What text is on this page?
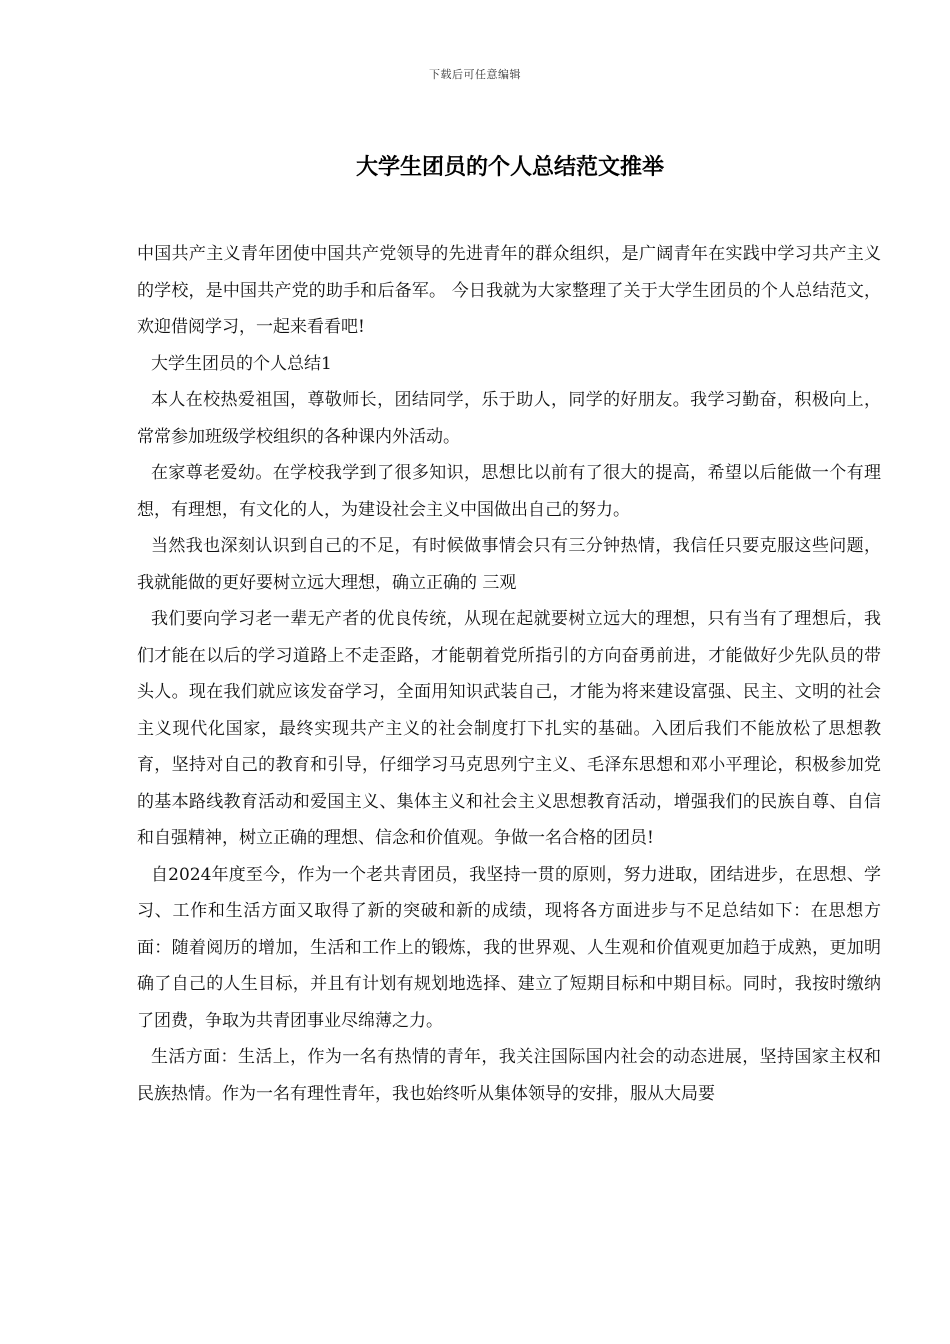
下载后可任意编辑
大学生团员的个人总结范文推举

中国共产主义青年团使中国共产党领导的先进青年的群众组织，是广阔青年在实践中学习共产主义的学校，是中国共产党的助手和后备军。 今日我就为大家整理了关于大学生团员的个人总结范文，欢迎借阅学习，一起来看看吧!

大学生团员的个人总结1

本人在校热爱祖国，尊敬师长，团结同学，乐于助人，同学的好朋友。我学习勤奋，积极向上，常常参加班级学校组织的各种课内外活动。

在家尊老爱幼。在学校我学到了很多知识，思想比以前有了很大的提高，希望以后能做一个有理想，有理想，有文化的人，为建设社会主义中国做出自己的努力。

当然我也深刻认识到自己的不足，有时候做事情会只有三分钟热情，我信任只要克服这些问题，我就能做的更好要树立远大理想，确立正确的 三观

我们要向学习老一辈无产者的优良传统，从现在起就要树立远大的理想，只有当有了理想后，我们才能在以后的学习道路上不走歪路，才能朝着党所指引的方向奋勇前进，才能做好少先队员的带头人。现在我们就应该发奋学习，全面用知识武装自己，才能为将来建设富强、民主、文明的社会主义现代化国家，最终实现共产主义的社会制度打下扎实的基础。入团后我们不能放松了思想教育，坚持对自己的教育和引导，仔细学习马克思列宁主义、毛泽东思想和邓小平理论，积极参加党的基本路线教育活动和爱国主义、集体主义和社会主义思想教育活动，增强我们的民族自尊、自信和自强精神，树立正确的理想、信念和价值观。争做一名合格的团员!

自2024年度至今，作为一个老共青团员，我坚持一贯的原则，努力进取，团结进步，在思想、学习、工作和生活方面又取得了新的突破和新的成绩，现将各方面进步与不足总结如下：在思想方面：随着阅历的增加，生活和工作上的锻炼，我的世界观、人生观和价值观更加趋于成熟，更加明确了自己的人生目标，并且有计划有规划地选择、建立了短期目标和中期目标。同时，我按时缴纳了团费，争取为共青团事业尽绵薄之力。

生活方面：生活上，作为一名有热情的青年，我关注国际国内社会的动态进展，坚持国家主权和民族热情。作为一名有理性青年，我也始终听从集体领导的安排，服从大局要
